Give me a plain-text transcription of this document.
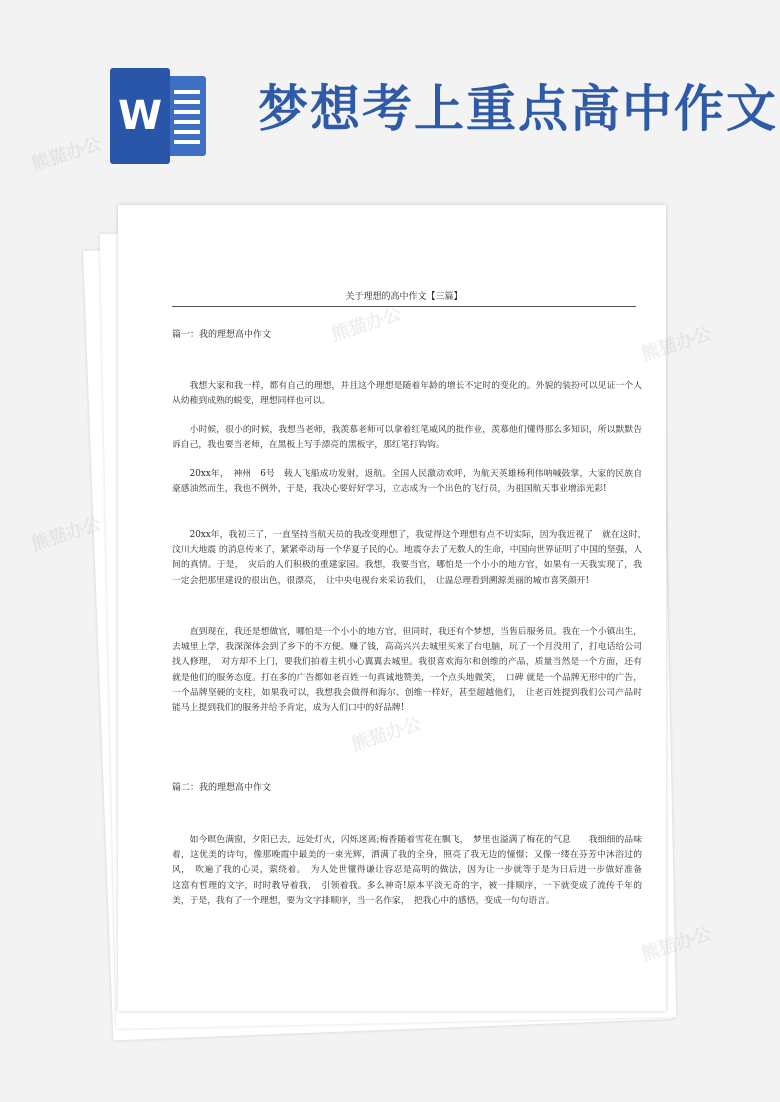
W 梦想考上重点高中作文
关于理想的高中作文【三篇】
篇一：我的理想高中作文

我想大家和我一样，都有自己的理想，并且这个理想是随着年龄的增长不定时的变化的。外貌的装扮可以见证一个人从幼稚到成熟的蜕变，理想同样也可以。

小时候，很小的时候，我想当老师，我羡慕老师可以拿着红笔威风的批作业，羡慕他们懂得那么多知识，所以默默告诉自己，我也要当老师，在黑板上写手漂亮的黑板字，那红笔打钩钩。

20xx年，　神州　6号　载人飞船成功发射，返航。全国人民激动欢呼，为航天英雄杨利伟呐喊鼓掌，大家的民族自豪感油然而生，我也不例外，于是，我决心要好好学习，立志成为一个出色的飞行员，为祖国航天事业增添光彩!

20xx年，我初三了，一直坚持当航天员的我改变理想了，我觉得这个理想有点不切实际，因为我近视了　就在这时，　汶川大地震 的消息传来了，紧紧牵动每一个华夏子民的心。地震夺去了无数人的生命，中国向世界证明了中国的坚强，人间的真情。于是，　灾后的人们积极的重建家园。我想，我要当官，哪怕是一个小小的地方官，如果有一天我实现了，我一定会把那里建设的很出色，很漂亮，　让中央电视台来采访我们，　让温总理看到溯源美丽的城市喜笑颜开!

直到现在，我还是想做官，哪怕是一个小小的地方官，但同时，我还有个梦想，当售后服务员。我在一个小镇出生，去城里上学，我深深体会到了乡下的不方便。赚了钱，高高兴兴去城里买来了台电脑，玩了一个月没用了，打电话给公司找人修理，　对方却不上门，要我们拍着主机小心翼翼去城里。我很喜欢海尔和创维的产品，质量当然是一个方面，还有就是他们的服务态度。打在多的广告都如老百姓一句真诚地赞美，一个点头地微笑，　口碑 就是一个品牌无形中的广告，一个品牌坚硬的支柱，如果我可以，我想我会做得和海尔、创维一样好，甚至超越他们，　让老百姓提到我们公司产品时能马上提到我们的服务并给予肯定，成为人们口中的好品牌!

篇二：我的理想高中作文

如今暝色满窗，夕阳已去，远处灯火，闪烁迷离;梅香随着雪花在飘飞，　梦里也溢满了梅花的气息　　我细细的品味着，这优美的诗句，像那晚霞中最美的一束光辉，洒满了我的全身，照亮了我无边的憧憬；又像一缕在芬芳中沐浴过的风，　吹遍了我的心灵，萦绕着。　为人处世懂得谦让容忍是高明的做法，因为让一步就等于是为日后进一步做好准备　　这富有哲理的文字，时时教导着我，　引领着我。多么神奇!原本平淡无奇的字，被一排顺序，一下就变成了流传千年的美，于是，我有了一个理想，要为文字排顺序，当一名作家，　把我心中的感悟，变成一句句语言。

熊猫办公
熊猫办公	熊猫办公
熊猫办公
熊猫办公
熊猫办公
